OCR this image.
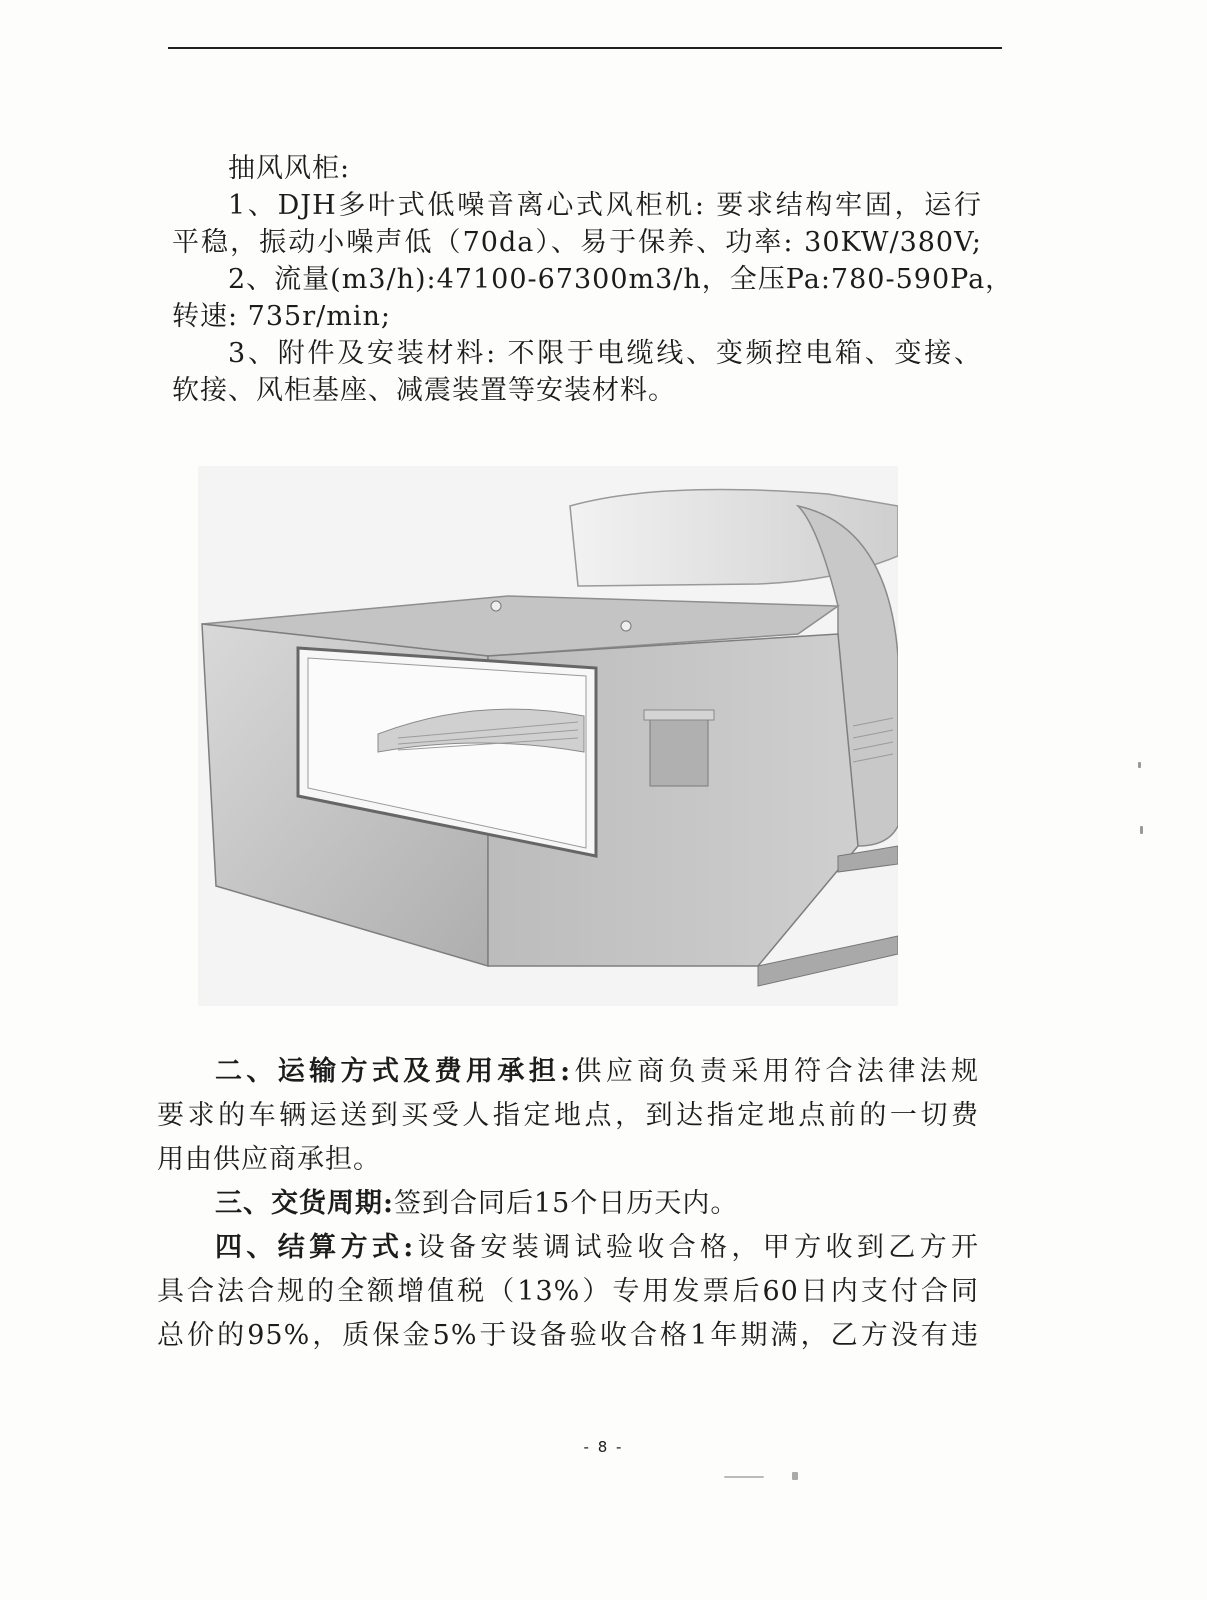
抽风风柜:
1、DJH多叶式低噪音离心式风柜机: 要求结构牢固，运行
平稳，振动小噪声低（70da）、易于保养、功率: 30KW/380V;
2、流量(m3/h):47100-67300m3/h，全压Pa:780-590Pa，
转速: 735r/min;
3、附件及安装材料: 不限于电缆线、变频控电箱、变接、
软接、风柜基座、减震装置等安装材料。
二、运输方式及费用承担:供应商负责采用符合法律法规
要求的车辆运送到买受人指定地点，到达指定地点前的一切费
用由供应商承担。
三、交货周期:签到合同后15个日历天内。
四、结算方式:设备安装调试验收合格，甲方收到乙方开
具合法合规的全额增值税（13%）专用发票后60日内支付合同
总价的95%，质保金5%于设备验收合格1年期满，乙方没有违
- 8 -
